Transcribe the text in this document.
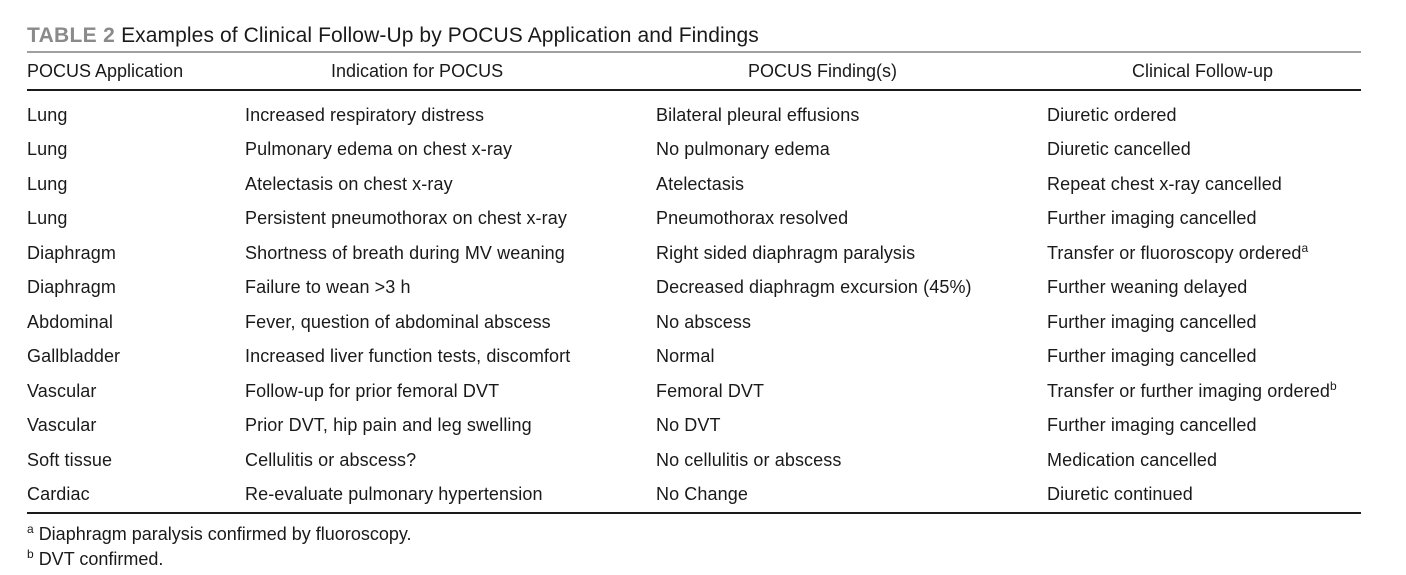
TABLE 2 Examples of Clinical Follow-Up by POCUS Application and Findings
POCUS Application	Indication for POCUS	POCUS Finding(s)	Clinical Follow-up
Lung	Increased respiratory distress	Bilateral pleural effusions	Diuretic ordered
Lung	Pulmonary edema on chest x-ray	No pulmonary edema	Diuretic cancelled
Lung	Atelectasis on chest x-ray	Atelectasis	Repeat chest x-ray cancelled
Lung	Persistent pneumothorax on chest x-ray	Pneumothorax resolved	Further imaging cancelled
Diaphragm	Shortness of breath during MV weaning	Right sided diaphragm paralysis	Transfer or fluoroscopy ordered$^a$
Diaphragm	Failure to wean >3 h	Decreased diaphragm excursion (45%)	Further weaning delayed
Abdominal	Fever, question of abdominal abscess	No abscess	Further imaging cancelled
Gallbladder	Increased liver function tests, discomfort	Normal	Further imaging cancelled
Vascular	Follow-up for prior femoral DVT	Femoral DVT	Transfer or further imaging ordered$^b$
Vascular	Prior DVT, hip pain and leg swelling	No DVT	Further imaging cancelled
Soft tissue	Cellulitis or abscess?	No cellulitis or abscess	Medication cancelled
Cardiac	Re-evaluate pulmonary hypertension	No Change	Diuretic continued
$^a$ Diaphragm paralysis confirmed by fluoroscopy.
$^b$ DVT confirmed.
